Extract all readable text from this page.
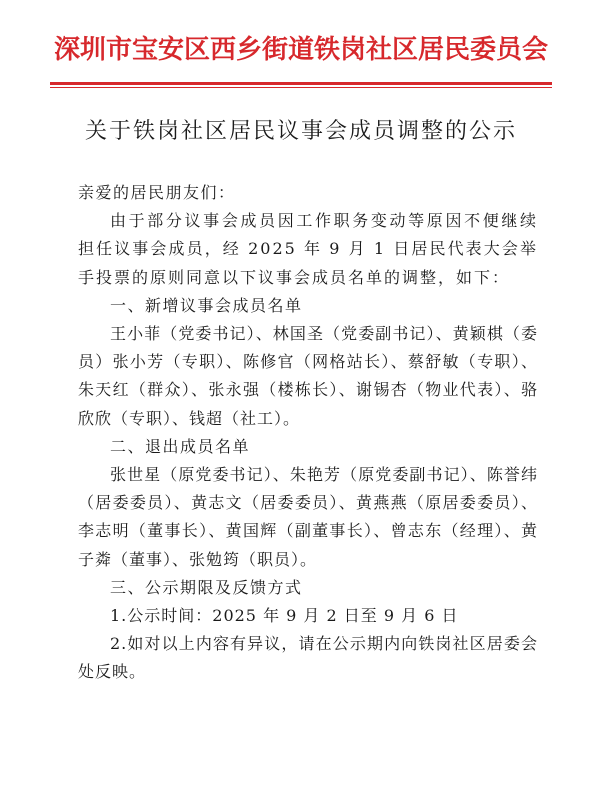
深圳市宝安区西乡街道铁岗社区居民委员会
关于铁岗社区居民议事会成员调整的公示

亲爱的居民朋友们：

由于部分议事会成员因工作职务变动等原因不便继续担任议事会成员，经 2025 年 9 月 1 日居民代表大会举手投票的原则同意以下议事会成员名单的调整，如下：

一、新增议事会成员名单

王小菲（党委书记）、林国圣（党委副书记）、黄颖棋（委员）张小芳（专职）、陈修官（网格站长）、蔡舒敏（专职）、朱天红（群众）、张永强（楼栋长）、谢锡杏（物业代表）、骆欣欣（专职）、钱超（社工）。

二、退出成员名单

张世星（原党委书记）、朱艳芳（原党委副书记）、陈誉纬（居委委员）、黄志文（居委委员）、黄燕燕（原居委委员）、李志明（董事长）、黄国辉（副董事长）、曾志东（经理）、黄子粦（董事）、张勉筠（职员）。

三、公示期限及反馈方式

1.公示时间：2025 年 9 月 2 日至 9 月 6 日

2.如对以上内容有异议，请在公示期内向铁岗社区居委会处反映。
